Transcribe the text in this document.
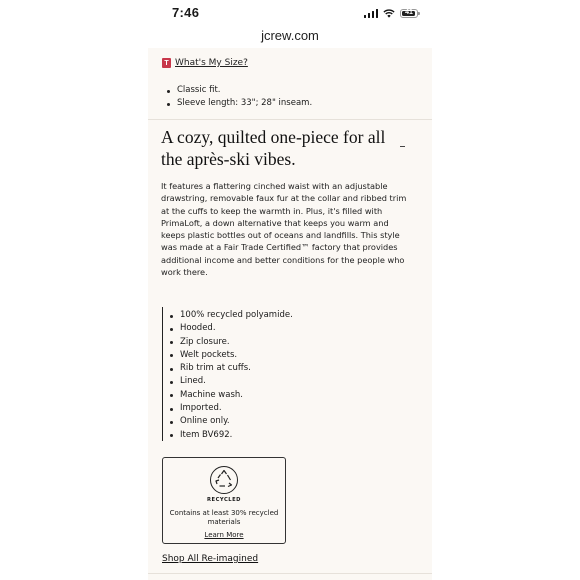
7:46	41
jcrew.com
T What's My Size?
Classic fit.
Sleeve length: 33"; 28" inseam.
A cozy, quilted one-piece for all the après-ski vibes.

It features a flattering cinched waist with an adjustable drawstring, removable faux fur at the collar and ribbed trim at the cuffs to keep the warmth in. Plus, it's filled with PrimaLoft, a down alternative that keeps you warm and keeps plastic bottles out of oceans and landfills. This style was made at a Fair Trade Certified™ factory that provides additional income and better conditions for the people who work there.

100% recycled polyamide.
Hooded.
Zip closure.
Welt pockets.
Rib trim at cuffs.
Lined.
Machine wash.
Imported.
Online only.
Item BV692.
RECYCLED
Contains at least 30% recycled materials
Learn More
Shop All Re-imagined
